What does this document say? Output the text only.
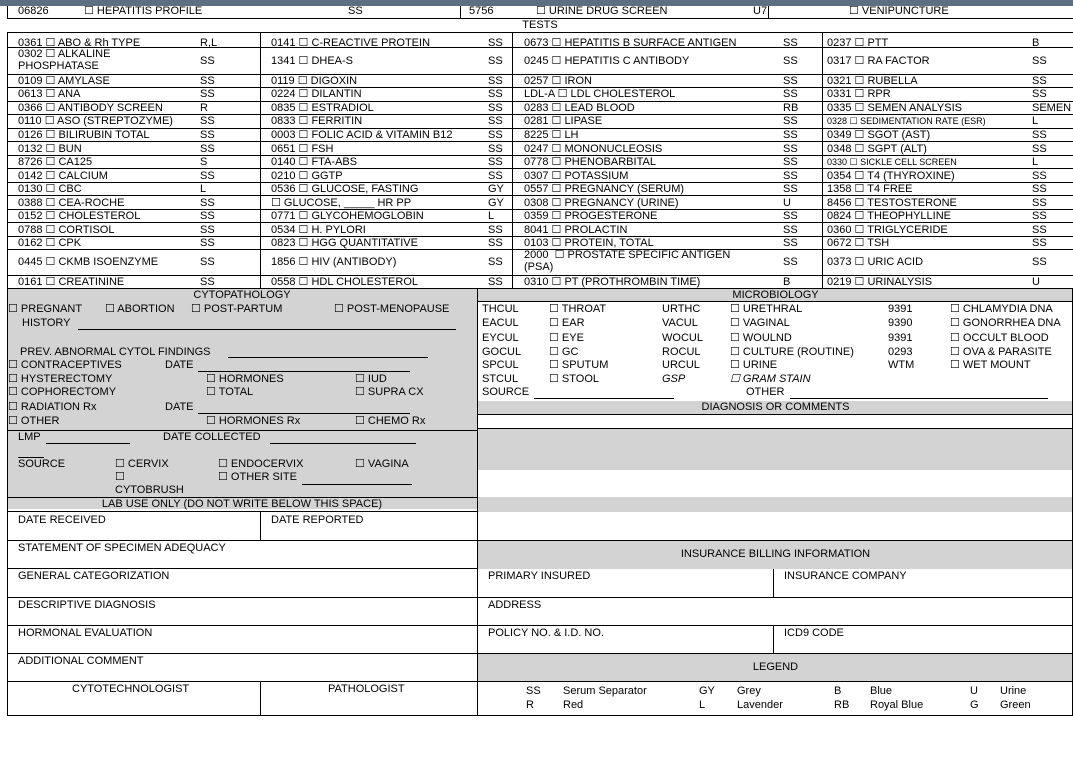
TESTS
CYTOPATHOLOGY	MICROBIOLOGY
DIAGNOSIS OR COMMENTS
LAB USE ONLY (DO NOT WRITE BELOW THIS SPACE)
INSURANCE BILLING INFORMATION
LEGEND
06826	☐ HEPATITIS PROFILE	SS	5756	☐ URINE DRUG SCREEN	U7	☐ VENIPUNCTURE
0361 ☐ ABO & Rh TYPE	R,L	0141 ☐ C-REACTIVE PROTEIN	SS 0673 ☐ HEPATITIS B SURFACE ANTIGEN	SS	0237 ☐ PTT	B
0302 ☐ ALKALINE
PHOSPHATASE	SS	1341 ☐ DHEA-S	SS 0245 ☐ HEPATITIS C ANTIBODY	SS	0317 ☐ RA FACTOR	SS
0109 ☐ AMYLASE	SS	0119 ☐ DIGOXIN	SS 0257 ☐ IRON	SS	0321 ☐ RUBELLA	SS
0613 ☐ ANA	SS	0224 ☐ DILANTIN	SS LDL-A ☐ LDL CHOLESTEROL	SS	0331 ☐ RPR	SS
0366 ☐ ANTIBODY SCREEN	R	0835 ☐ ESTRADIOL	SS 0283 ☐ LEAD BLOOD	RB	0335 ☐ SEMEN ANALYSIS	SEMEN
0110 ☐ ASO (STREPTOZYME) SS	0833 ☐ FERRITIN	SS 0281 ☐ LIPASE	SS	0328 ☐ SEDIMENTATION RATE (ESR)	L
0126 ☐ BILIRUBIN TOTAL	SS	0003 ☐ FOLIC ACID & VITAMIN B12	SS 8225 ☐ LH	SS	0349 ☐ SGOT (AST)	SS
0132 ☐ BUN	SS	0651 ☐ FSH	SS 0247 ☐ MONONUCLEOSIS	SS	0348 ☐ SGPT (ALT)	SS
8726 ☐ CA125	S	0140 ☐ FTA-ABS	SS 0778 ☐ PHENOBARBITAL	SS	0330 ☐ SICKLE CELL SCREEN	L
0142 ☐ CALCIUM	SS	0210 ☐ GGTP	SS 0307 ☐ POTASSIUM	SS	0354 ☐ T4 (THYROXINE)	SS
0130 ☐ CBC	L	0536 ☐ GLUCOSE, FASTING	GY 0557 ☐ PREGNANCY (SERUM)	SS	1358 ☐ T4 FREE	SS
0388 ☐ CEA-ROCHE	SS	☐ GLUCOSE, _____ HR PP	GY 0308 ☐ PREGNANCY (URINE)	U	8456 ☐ TESTOSTERONE	SS
0152 ☐ CHOLESTEROL	SS	0771 ☐ GLYCOHEMOGLOBIN	L	0359 ☐ PROGESTERONE	SS	0824 ☐ THEOPHYLLINE	SS
0788 ☐ CORTISOL	SS	0534 ☐ H. PYLORI	SS 8041 ☐ PROLACTIN	SS	0360 ☐ TRIGLYCERIDE	SS
0162 ☐ CPK	SS	0823 ☐ HGG QUANTITATIVE	SS 0103 ☐ PROTEIN, TOTAL	SS	0672 ☐ TSH	SS
0445 ☐ CKMB ISOENZYME	SS	1856 ☐ HIV (ANTIBODY)	SS
2000  ☐ PROSTATE SPECIFIC ANTIGEN
(PSA)	SS	0373 ☐ URIC ACID	SS
0161 ☐ CREATININE	SS	0558 ☐ HDL CHOLESTEROL	SS 0310 ☐ PT (PROTHROMBIN TIME)	B	0219 ☐ URINALYSIS	U
☐ PREGNANT ☐ ABORTION ☐ POST-PARTUM	☐ POST-MENOPAUSE
HISTORY
PREV. ABNORMAL CYTOL FINDINGS
☐ CONTRACEPTIVES	DATE
☐ HYSTERECTOMY	☐ HORMONES	☐ IUD
☐ COPHORECTOMY	☐ TOTAL	☐ SUPRA CX
☐ RADIATION Rx	DATE
☐ OTHER	☐ HORMONES Rx	☐ CHEMO Rx
LMP	DATE COLLECTED
SOURCE	☐ CERVIX	☐ ENDOCERVIX	☐ VAGINA
☐	☐ OTHER SITE
CYTOBRUSH
THCUL	☐ THROAT	URTHC	☐ URETHRAL	9391	☐ CHLAMYDIA DNA
EACUL	☐ EAR	VACUL	☐ VAGINAL	9390	☐ GONORRHEA DNA
EYCUL	☐ EYE	WOCUL ☐ WOULND	9391	☐ OCCULT BLOOD
GOCUL	☐ GC	ROCUL	☐ CULTURE (ROUTINE)	0293	☐ OVA & PARASITE
SPCUL	☐ SPUTUM	URCUL	☐ URINE	WTM	☐ WET MOUNT
STCUL	☐ STOOL	GSP	☐ GRAM STAIN
SOURCE	OTHER
SS Serum Separator	GY Grey	B	Blue	U Urine
R	Red	L	Lavender	RB Royal Blue	G Green
DATE RECEIVED	DATE REPORTED
STATEMENT OF SPECIMEN ADEQUACY
GENERAL CATEGORIZATION
DESCRIPTIVE DIAGNOSIS
HORMONAL EVALUATION
ADDITIONAL COMMENT
CYTOTECHNOLOGIST	PATHOLOGIST
PRIMARY INSURED	INSURANCE COMPANY
ADDRESS
POLICY NO. & I.D. NO.	ICD9 CODE
